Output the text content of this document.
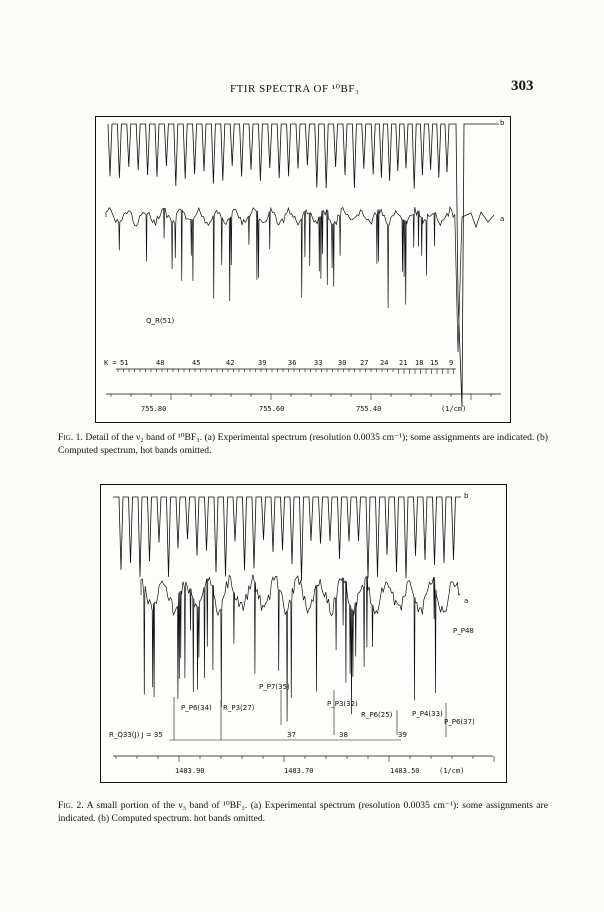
FTIR SPECTRA OF ¹⁰BF₃	303
b
a
Q_R(51)
K = 51	48	45	42	39	36	33 30 27 24 21 18 15 9
755.80	755.60	755.40	(1/cm)
Fig. 1. Detail of the ν₂ band of ¹⁰BF₃. (a) Experimental spectrum (resolution 0.0035 cm⁻¹); some assignments are indicated. (b) Computed spectrum, hot bands omitted.
b
a
P_P7(35)
P_P6(34) R_P3(27)	P_P3(32)
R_P6(25)	P_P4(33)
P_P6(37)
P_P48
R_Q33(J) J = 35	37	38	39
1483.90	1483.70	1483.50	(1/cm)
Fig. 2. A small portion of the ν₃ band of ¹⁰BF₃. (a) Experimental spectrum (resolution 0.0035 cm⁻¹): some assignments are indicated. (b) Computed spectrum. hot bands omitted.
